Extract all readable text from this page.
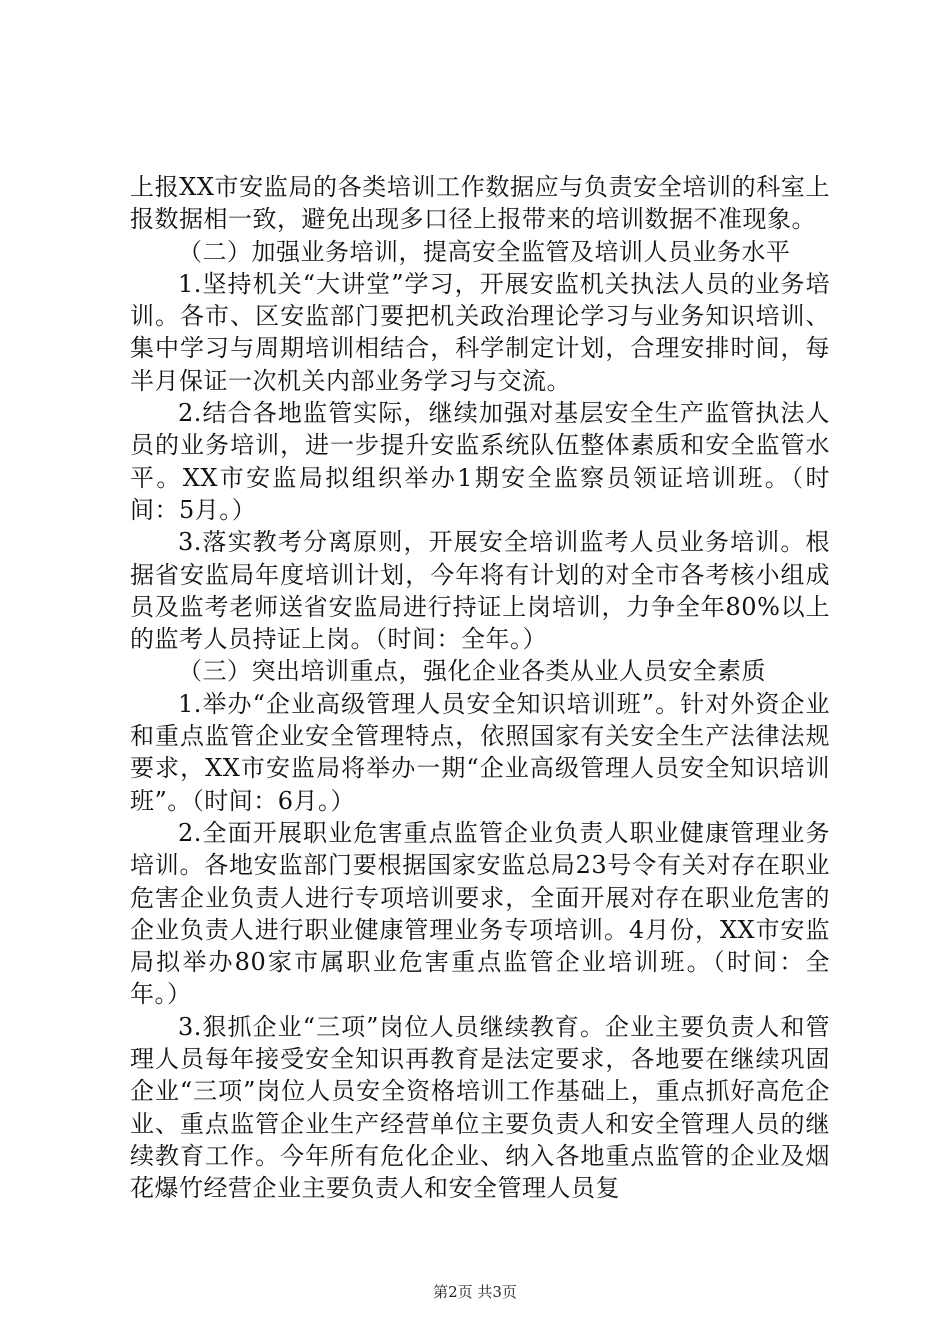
上报XX市安监局的各类培训工作数据应与负责安全培训的科室上报数据相一致，避免出现多口径上报带来的培训数据不准现象。

（二）加强业务培训，提高安全监管及培训人员业务水平

1.坚持机关“大讲堂”学习，开展安监机关执法人员的业务培训。各市、区安监部门要把机关政治理论学习与业务知识培训、集中学习与周期培训相结合，科学制定计划，合理安排时间，每半月保证一次机关内部业务学习与交流。

2.结合各地监管实际，继续加强对基层安全生产监管执法人员的业务培训，进一步提升安监系统队伍整体素质和安全监管水平。XX市安监局拟组织举办1期安全监察员领证培训班。（时间：5月。）

3.落实教考分离原则，开展安全培训监考人员业务培训。根据省安监局年度培训计划，今年将有计划的对全市各考核小组成员及监考老师送省安监局进行持证上岗培训，力争全年80%以上的监考人员持证上岗。（时间：全年。）

（三）突出培训重点，强化企业各类从业人员安全素质

1.举办“企业高级管理人员安全知识培训班”。针对外资企业和重点监管企业安全管理特点，依照国家有关安全生产法律法规要求，XX市安监局将举办一期“企业高级管理人员安全知识培训班”。（时间：6月。）

2.全面开展职业危害重点监管企业负责人职业健康管理业务培训。各地安监部门要根据国家安监总局23号令有关对存在职业危害企业负责人进行专项培训要求，全面开展对存在职业危害的企业负责人进行职业健康管理业务专项培训。4月份，XX市安监局拟举办80家市属职业危害重点监管企业培训班。（时间：全年。）

3.狠抓企业“三项”岗位人员继续教育。企业主要负责人和管理人员每年接受安全知识再教育是法定要求，各地要在继续巩固企业“三项”岗位人员安全资格培训工作基础上，重点抓好高危企业、重点监管企业生产经营单位主要负责人和安全管理人员的继续教育工作。今年所有危化企业、纳入各地重点监管的企业及烟花爆竹经营企业主要负责人和安全管理人员复

第2页 共3页
